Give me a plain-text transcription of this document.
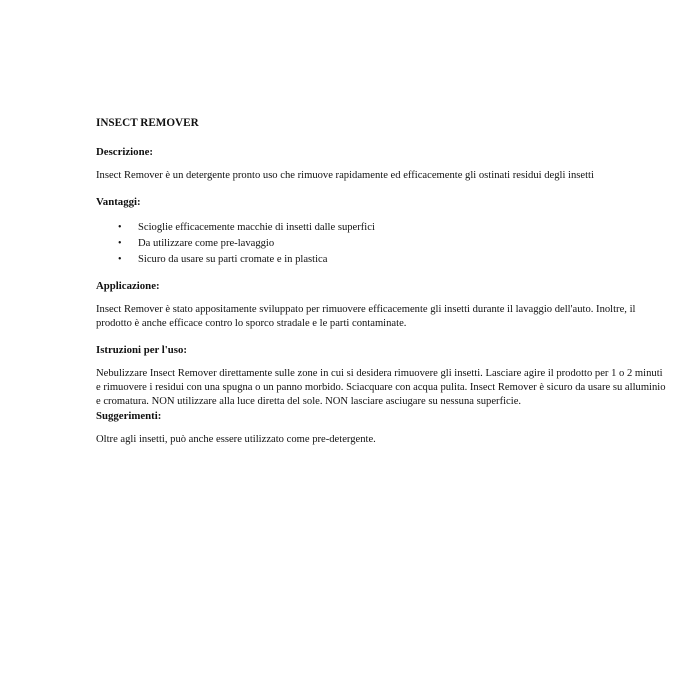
INSECT REMOVER
Descrizione:

Insect Remover è un detergente pronto uso che rimuove rapidamente ed efficacemente gli ostinati residui degli insetti

Vantaggi:
• Scioglie efficacemente macchie di insetti dalle superfici
• Da utilizzare come pre-lavaggio
• Sicuro da usare su parti cromate e in plastica
Applicazione:

Insect Remover è stato appositamente sviluppato per rimuovere efficacemente gli insetti durante il lavaggio dell'auto. Inoltre, il prodotto è anche efficace contro lo sporco stradale e le parti contaminate.

Istruzioni per l'uso:

Nebulizzare Insect Remover direttamente sulle zone in cui si desidera rimuovere gli insetti. Lasciare agire il prodotto per 1 o 2 minuti e rimuovere i residui con una spugna o un panno morbido. Sciacquare con acqua pulita. Insect Remover è sicuro da usare su alluminio e cromatura. NON utilizzare alla luce diretta del sole. NON lasciare asciugare su nessuna superficie.

Suggerimenti:

Oltre agli insetti, può anche essere utilizzato come pre-detergente.
